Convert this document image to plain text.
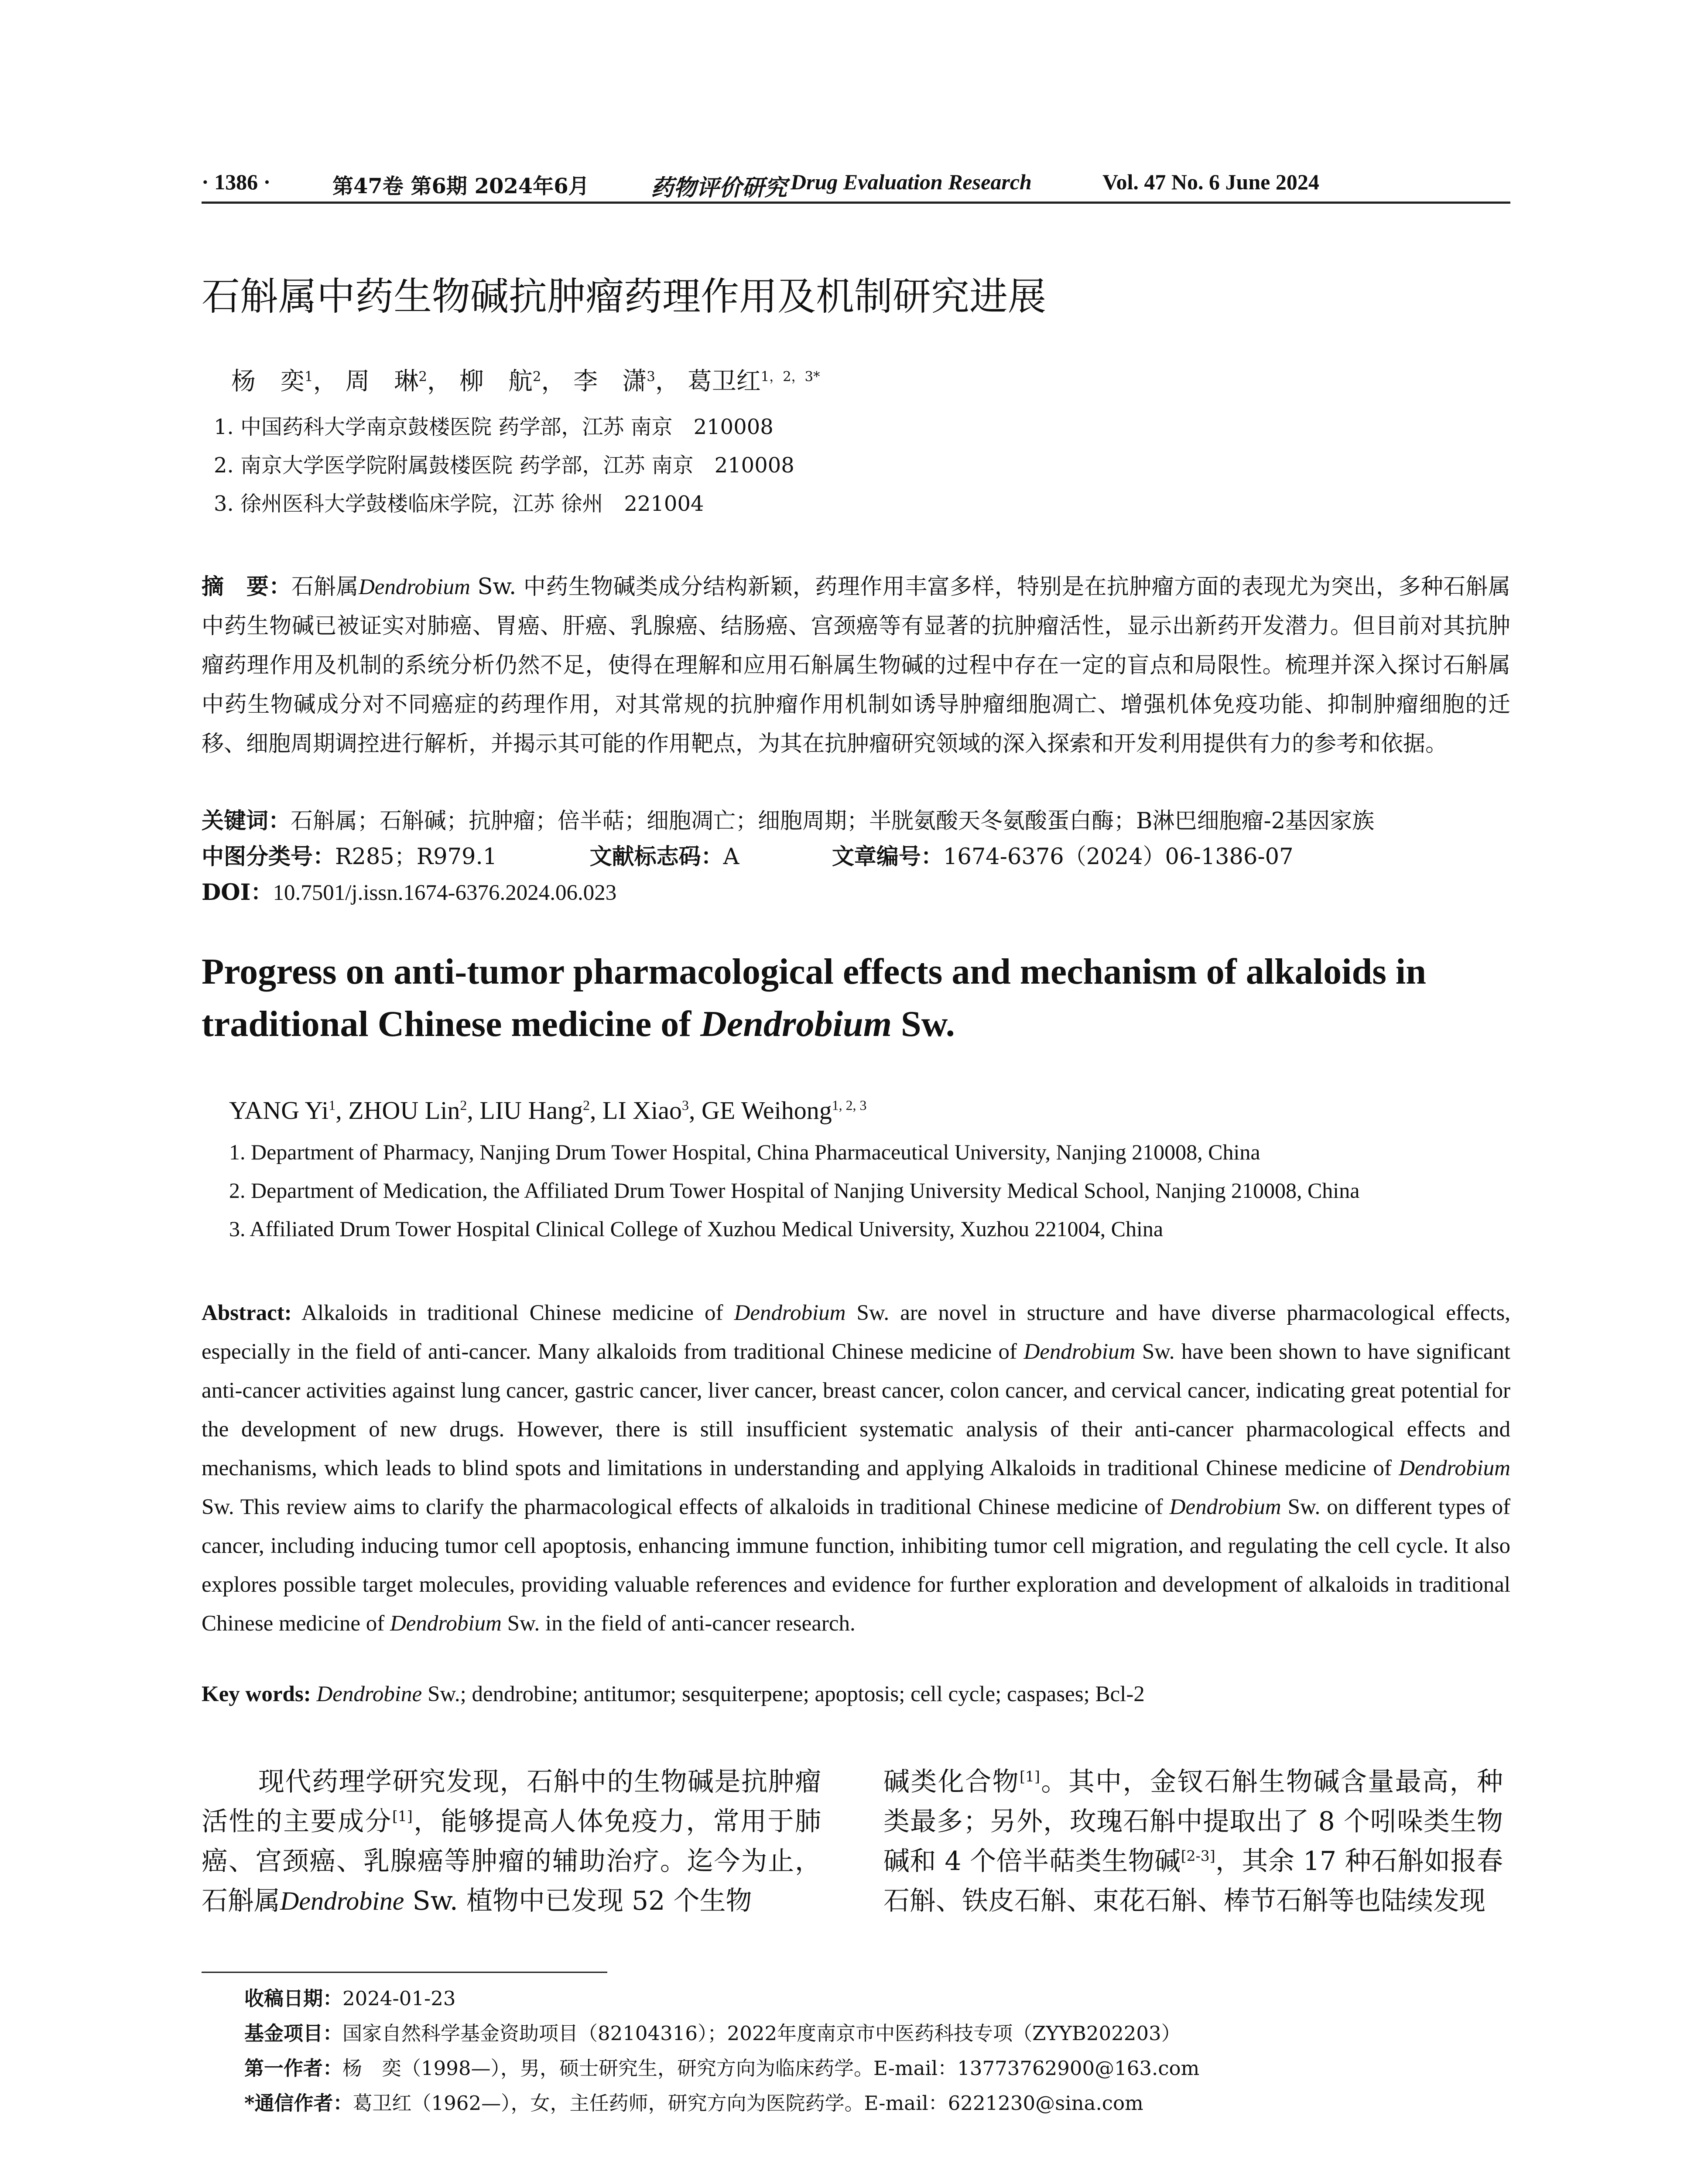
· 1386 ·	第47卷 第6期 2024年6月	药物评价研究 Drug Evaluation Research	Vol. 47 No. 6 June 2024
石斛属中药生物碱抗肿瘤药理作用及机制研究进展
杨　奕$^1$， 周　琳$^2$， 柳　航$^2$， 李　潇$^3$， 葛卫红$^{1,2,3*}$
1. 中国药科大学南京鼓楼医院 药学部，江苏 南京　210008
2. 南京大学医学院附属鼓楼医院 药学部，江苏 南京　210008
3. 徐州医科大学鼓楼临床学院，江苏 徐州　221004
摘　要：石斛属Dendrobium Sw. 中药生物碱类成分结构新颖，药理作用丰富多样，特别是在抗肿瘤方面的表现尤为突出，多种石斛属中药生物碱已被证实对肺癌、胃癌、肝癌、乳腺癌、结肠癌、宫颈癌等有显著的抗肿瘤活性，显示出新药开发潜力。但目前对其抗肿瘤药理作用及机制的系统分析仍然不足，使得在理解和应用石斛属生物碱的过程中存在一定的盲点和局限性。梳理并深入探讨石斛属中药生物碱成分对不同癌症的药理作用，对其常规的抗肿瘤作用机制如诱导肿瘤细胞凋亡、增强机体免疫功能、抑制肿瘤细胞的迁移、细胞周期调控进行解析，并揭示其可能的作用靶点，为其在抗肿瘤研究领域的深入探索和开发利用提供有力的参考和依据。
关键词：石斛属；石斛碱；抗肿瘤；倍半萜；细胞凋亡；细胞周期；半胱氨酸天冬氨酸蛋白酶；B淋巴细胞瘤-2基因家族
中图分类号：R285；R979.1	文献标志码：A	文章编号：1674-6376（2024）06-1386-07
DOI：10.7501/j.issn.1674-6376.2024.06.023
Progress on anti-tumor pharmacological effects and mechanism of alkaloids in traditional Chinese medicine of Dendrobium Sw.
YANG Yi$^1$, ZHOU Lin$^2$, LIU Hang$^2$, LI Xiao$^3$, GE Weihong$^{1, 2, 3}$
1. Department of Pharmacy, Nanjing Drum Tower Hospital, China Pharmaceutical University, Nanjing 210008, China
2. Department of Medication, the Affiliated Drum Tower Hospital of Nanjing University Medical School, Nanjing 210008, China
3. Affiliated Drum Tower Hospital Clinical College of Xuzhou Medical University, Xuzhou 221004, China
Abstract: Alkaloids in traditional Chinese medicine of Dendrobium Sw. are novel in structure and have diverse pharmacological effects, especially in the field of anti-cancer. Many alkaloids from traditional Chinese medicine of Dendrobium Sw. have been shown to have significant anti-cancer activities against lung cancer, gastric cancer, liver cancer, breast cancer, colon cancer, and cervical cancer, indicating great potential for the development of new drugs. However, there is still insufficient systematic analysis of their anti-cancer pharmacological effects and mechanisms, which leads to blind spots and limitations in understanding and applying Alkaloids in traditional Chinese medicine of Dendrobium Sw. This review aims to clarify the pharmacological effects of alkaloids in traditional Chinese medicine of Dendrobium Sw. on different types of cancer, including inducing tumor cell apoptosis, enhancing immune function, inhibiting tumor cell migration, and regulating the cell cycle. It also explores possible target molecules, providing valuable references and evidence for further exploration and development of alkaloids in traditional Chinese medicine of Dendrobium Sw. in the field of anti-cancer research.
Key words: Dendrobine Sw.; dendrobine; antitumor; sesquiterpene; apoptosis; cell cycle; caspases; Bcl-2
现代药理学研究发现，石斛中的生物碱是抗肿瘤活性的主要成分[1]，能够提高人体免疫力，常用于肺癌、宫颈癌、乳腺癌等肿瘤的辅助治疗。迄今为止，石斛属Dendrobine Sw. 植物中已发现 52 个生物
碱类化合物[1]。其中，金钗石斛生物碱含量最高，种类最多；另外，玫瑰石斛中提取出了 8 个吲哚类生物碱和 4 个倍半萜类生物碱[2-3]，其余 17 种石斛如报春石斛、铁皮石斛、束花石斛、棒节石斛等也陆续发现
收稿日期：2024-01-23
基金项目：国家自然科学基金资助项目（82104316）；2022年度南京市中医药科技专项（ZYYB202203）
第一作者：杨　奕（1998—），男，硕士研究生，研究方向为临床药学。E-mail：13773762900@163.com
*通信作者：葛卫红（1962—），女，主任药师，研究方向为医院药学。E-mail：6221230@sina.com
